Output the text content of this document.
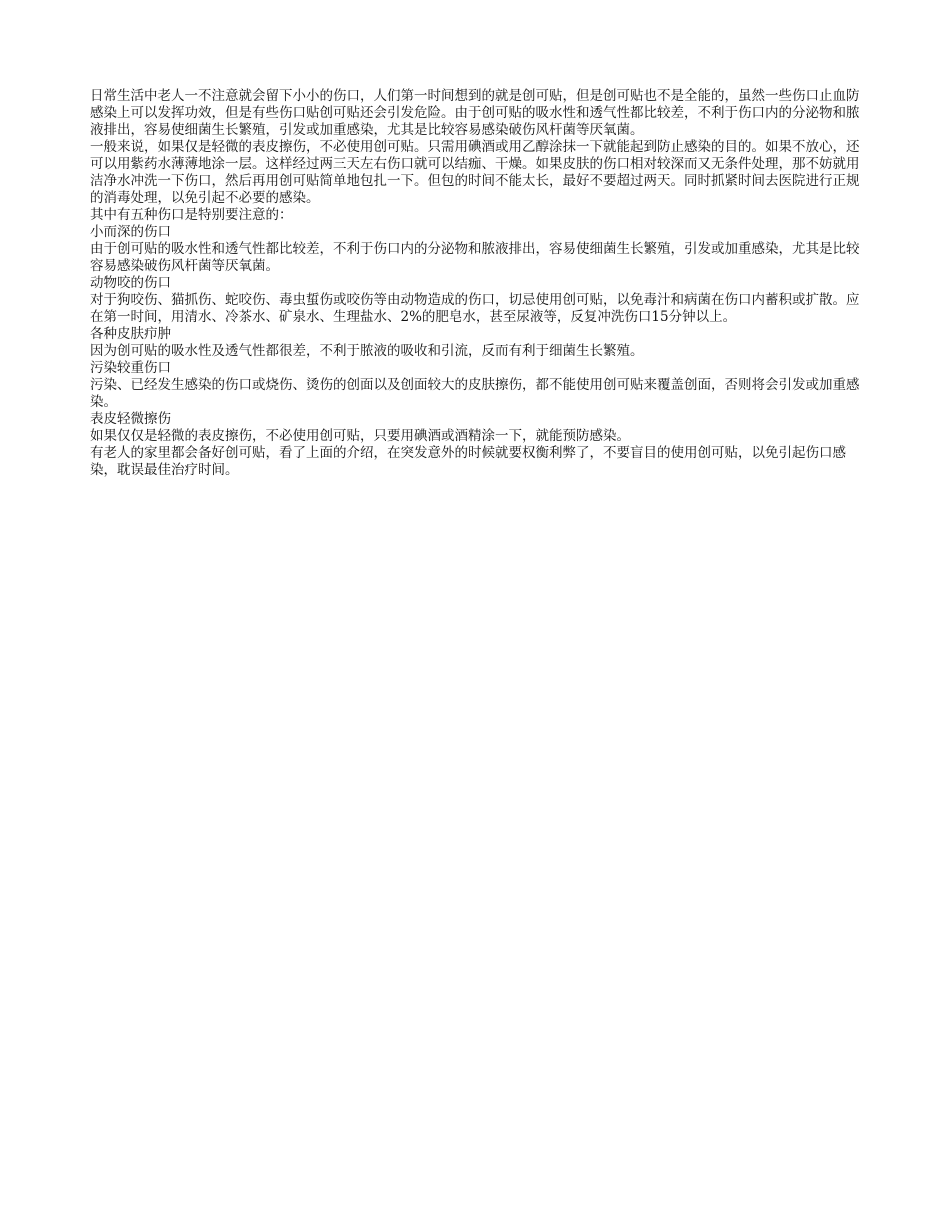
日常生活中老人一不注意就会留下小小的伤口，人们第一时间想到的就是创可贴，但是创可贴也不是全能的，虽然一些伤口止血防感染上可以发挥功效，但是有些伤口贴创可贴还会引发危险。由于创可贴的吸水性和透气性都比较差，不利于伤口内的分泌物和脓液排出，容易使细菌生长繁殖，引发或加重感染，尤其是比较容易感染破伤风杆菌等厌氧菌。

一般来说，如果仅是轻微的表皮擦伤，不必使用创可贴。只需用碘酒或用乙醇涂抹一下就能起到防止感染的目的。如果不放心，还可以用紫药水薄薄地涂一层。这样经过两三天左右伤口就可以结痂、干燥。如果皮肤的伤口相对较深而又无条件处理，那不妨就用洁净水冲洗一下伤口，然后再用创可贴简单地包扎一下。但包的时间不能太长，最好不要超过两天。同时抓紧时间去医院进行正规的消毒处理，以免引起不必要的感染。

其中有五种伤口是特别要注意的：

小而深的伤口

由于创可贴的吸水性和透气性都比较差，不利于伤口内的分泌物和脓液排出，容易使细菌生长繁殖，引发或加重感染，尤其是比较容易感染破伤风杆菌等厌氧菌。

动物咬的伤口

对于狗咬伤、猫抓伤、蛇咬伤、毒虫蜇伤或咬伤等由动物造成的伤口，切忌使用创可贴，以免毒汁和病菌在伤口内蓄积或扩散。应在第一时间，用清水、冷茶水、矿泉水、生理盐水、2%的肥皂水，甚至尿液等，反复冲洗伤口15分钟以上。

各种皮肤疖肿

因为创可贴的吸水性及透气性都很差，不利于脓液的吸收和引流，反而有利于细菌生长繁殖。

污染较重伤口

污染、已经发生感染的伤口或烧伤、烫伤的创面以及创面较大的皮肤擦伤，都不能使用创可贴来覆盖创面，否则将会引发或加重感染。

表皮轻微擦伤

如果仅仅是轻微的表皮擦伤，不必使用创可贴，只要用碘酒或酒精涂一下，就能预防感染。

有老人的家里都会备好创可贴，看了上面的介绍，在突发意外的时候就要权衡利弊了，不要盲目的使用创可贴，以免引起伤口感染，耽误最佳治疗时间。
